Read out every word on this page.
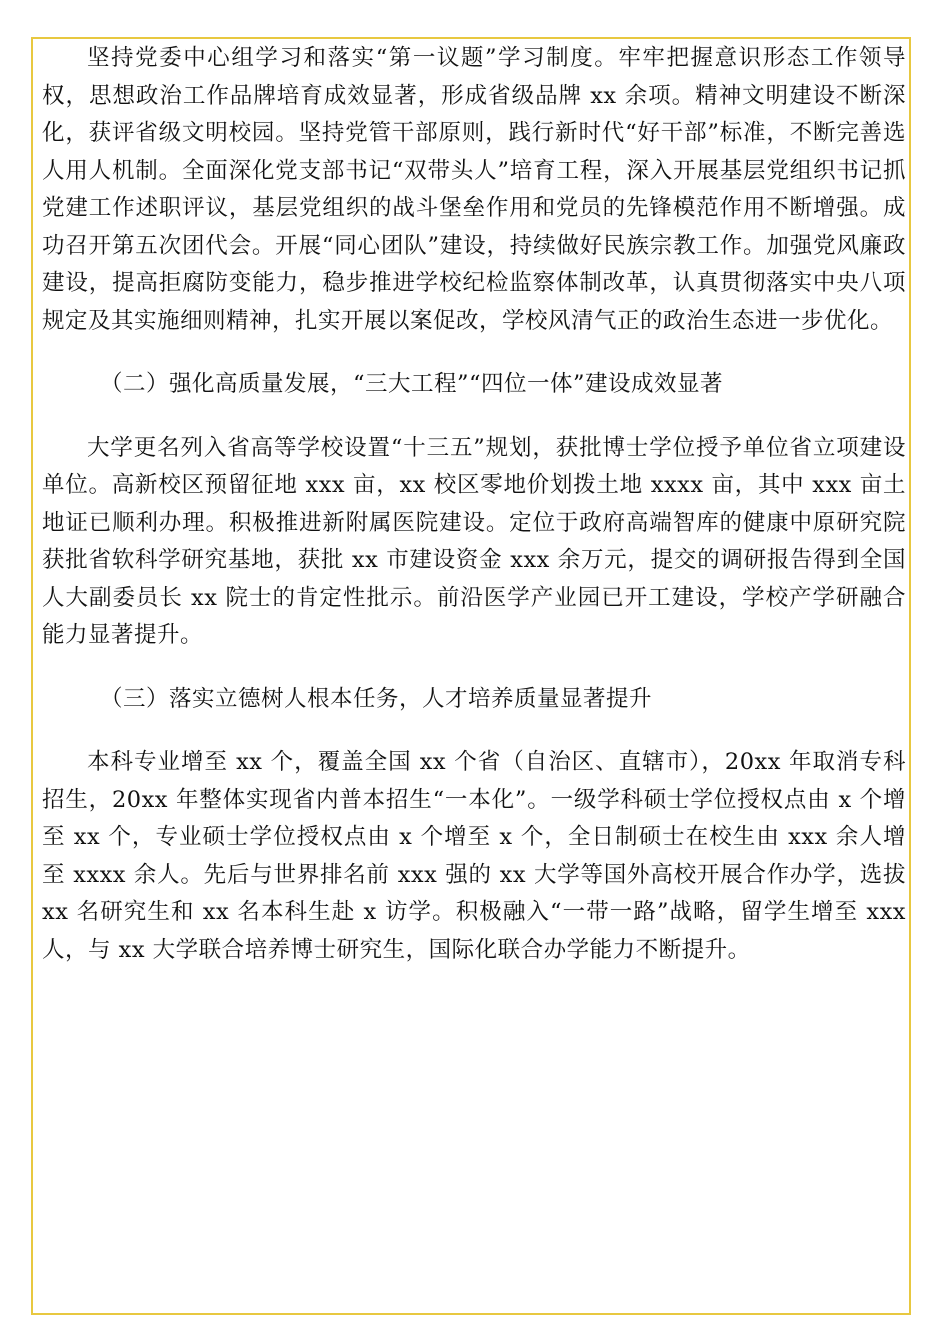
坚持党委中心组学习和落实“第一议题”学习制度。牢牢把握意识形态工作领导权，思想政治工作品牌培育成效显著，形成省级品牌 xx 余项。精神文明建设不断深化，获评省级文明校园。坚持党管干部原则，践行新时代“好干部”标准，不断完善选人用人机制。全面深化党支部书记“双带头人”培育工程，深入开展基层党组织书记抓党建工作述职评议，基层党组织的战斗堡垒作用和党员的先锋模范作用不断增强。成功召开第五次团代会。开展“同心团队”建设，持续做好民族宗教工作。加强党风廉政建设，提高拒腐防变能力，稳步推进学校纪检监察体制改革，认真贯彻落实中央八项规定及其实施细则精神，扎实开展以案促改，学校风清气正的政治生态进一步优化。

（二）强化高质量发展，“三大工程”“四位一体”建设成效显著

大学更名列入省高等学校设置“十三五”规划，获批博士学位授予单位省立项建设单位。高新校区预留征地 xxx 亩，xx 校区零地价划拨土地 xxxx 亩，其中 xxx 亩土地证已顺利办理。积极推进新附属医院建设。定位于政府高端智库的健康中原研究院获批省软科学研究基地，获批 xx 市建设资金 xxx 余万元，提交的调研报告得到全国人大副委员长 xx 院士的肯定性批示。前沿医学产业园已开工建设，学校产学研融合能力显著提升。

（三）落实立德树人根本任务，人才培养质量显著提升

本科专业增至 xx 个，覆盖全国 xx 个省（自治区、直辖市），20xx 年取消专科招生，20xx 年整体实现省内普本招生“一本化”。一级学科硕士学位授权点由 x 个增至 xx 个，专业硕士学位授权点由 x 个增至 x 个，全日制硕士在校生由 xxx 余人增至 xxxx 余人。先后与世界排名前 xxx 强的 xx 大学等国外高校开展合作办学，选拔 xx 名研究生和 xx 名本科生赴 x 访学。积极融入“一带一路”战略，留学生增至 xxx 人，与 xx 大学联合培养博士研究生，国际化联合办学能力不断提升。
